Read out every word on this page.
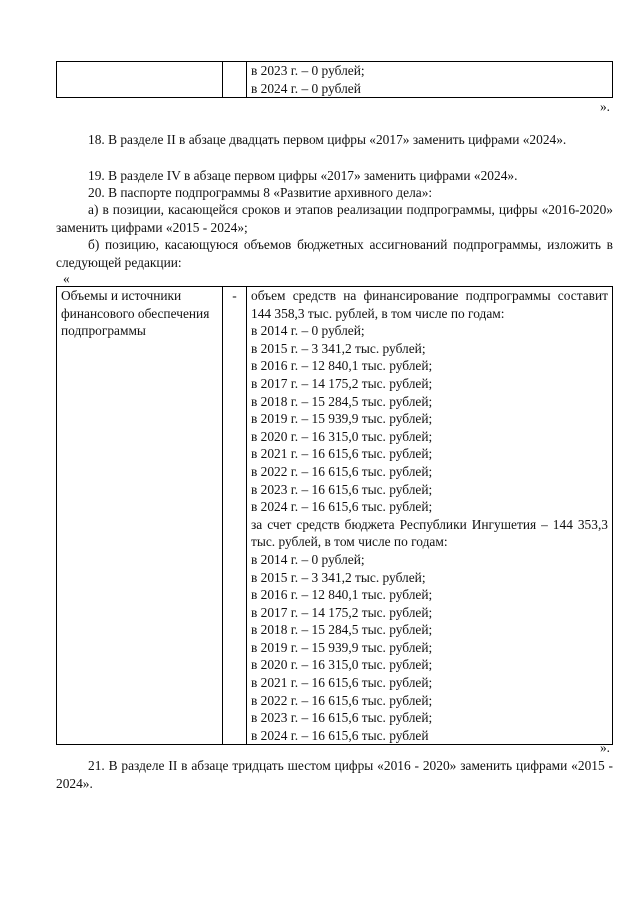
в 2023 г. – 0 рублей;
в 2024 г. – 0 рублей
».
18. В разделе II в абзаце двадцать первом цифры «2017» заменить цифрами «2024».
19. В разделе IV в абзаце первом цифры «2017» заменить цифрами «2024».
20. В паспорте подпрограммы 8 «Развитие архивного дела»:
а) в позиции, касающейся сроков и этапов реализации подпрограммы, цифры «2016-2020» заменить цифрами «2015 - 2024»;
б) позицию, касающуюся объемов бюджетных ассигнований подпрограммы, изложить в следующей редакции:
«
Объемы и источники финансового обеспечения подпрограммы	-	объем средств на финансирование подпрограммы составит 144 358,3 тыс. рублей, в том числе по годам:
в 2014 г. – 0 рублей;
в 2015 г. – 3 341,2 тыс. рублей;
в 2016 г. – 12 840,1 тыс. рублей;
в 2017 г. – 14 175,2 тыс. рублей;
в 2018 г. – 15 284,5 тыс. рублей;
в 2019 г. – 15 939,9 тыс. рублей;
в 2020 г. – 16 315,0 тыс. рублей;
в 2021 г. – 16 615,6 тыс. рублей;
в 2022 г. – 16 615,6 тыс. рублей;
в 2023 г. – 16 615,6 тыс. рублей;
в 2024 г. – 16 615,6 тыс. рублей;
за счет средств бюджета Республики Ингушетия – 144 353,3 тыс. рублей, в том числе по годам:
в 2014 г. – 0 рублей;
в 2015 г. – 3 341,2 тыс. рублей;
в 2016 г. – 12 840,1 тыс. рублей;
в 2017 г. – 14 175,2 тыс. рублей;
в 2018 г. – 15 284,5 тыс. рублей;
в 2019 г. – 15 939,9 тыс. рублей;
в 2020 г. – 16 315,0 тыс. рублей;
в 2021 г. – 16 615,6 тыс. рублей;
в 2022 г. – 16 615,6 тыс. рублей;
в 2023 г. – 16 615,6 тыс. рублей;
в 2024 г. – 16 615,6 тыс. рублей
».
21. В разделе II в абзаце тридцать шестом цифры «2016 - 2020» заменить цифрами «2015 - 2024».
